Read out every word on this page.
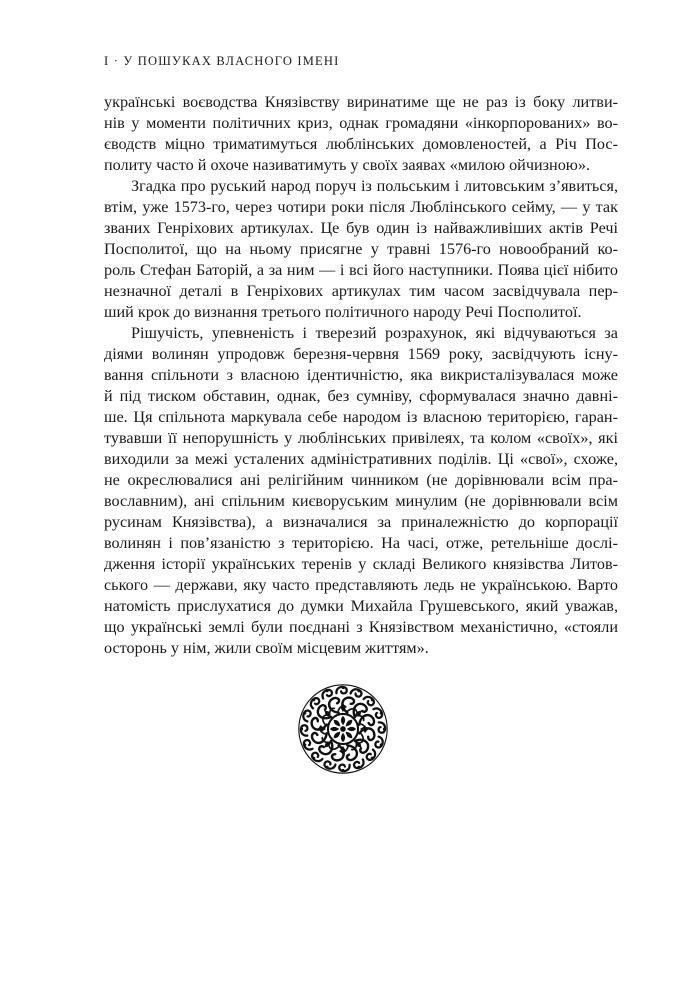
I · У ПОШУКАХ ВЛАСНОГО ІМЕНІ
українські воєводства Князівству виринатиме ще не раз із боку литви-
нів у моменти політичних криз, однак громадяни «інкорпорованих» во-
єводств міцно триматимуться люблінських домовленостей, а Річ Пос-
политу часто й охоче називатимуть у своїх заявах «милою ойчизною».
Згадка про руський народ поруч із польським і литовським з’явиться,
втім, уже 1573-го, через чотири роки після Люблінського сейму, — у так
званих Генріхових артикулах. Це був один із найважливіших актів Речі
Посполитої, що на ньому присягне у травні 1576-го новообраний ко-
роль Стефан Баторій, а за ним — і всі його наступники. Поява цієї нібито
незначної деталі в Генріхових артикулах тим часом засвідчувала пер-
ший крок до визнання третього політичного народу Речі Посполитої.
Рішучість, упевненість і тверезий розрахунок, які відчуваються за
діями волинян упродовж березня-червня 1569 року, засвідчують існу-
вання спільноти з власною ідентичністю, яка викристалізувалася може
й під тиском обставин, однак, без сумніву, сформувалася значно давні-
ше. Ця спільнота маркувала себе народом із власною територією, гаран-
тувавши її непорушність у люблінських привілеях, та колом «своїх», які
виходили за межі усталених адміністративних поділів. Ці «свої», схоже,
не окреслювалися ані релігійним чинником (не дорівнювали всім пра-
вославним), ані спільним києворуським минулим (не дорівнювали всім
русинам Князівства), а визначалися за приналежністю до корпорації
волинян і пов’язаністю з територією. На часі, отже, ретельніше дослі-
дження історії українських теренів у складі Великого князівства Литов-
ського — держави, яку часто представляють ледь не українською. Варто
натомість прислухатися до думки Михайла Грушевського, який уважав,
що українські землі були поєднані з Князівством механістично, «стояли
осторонь у нім, жили своїм місцевим життям».
